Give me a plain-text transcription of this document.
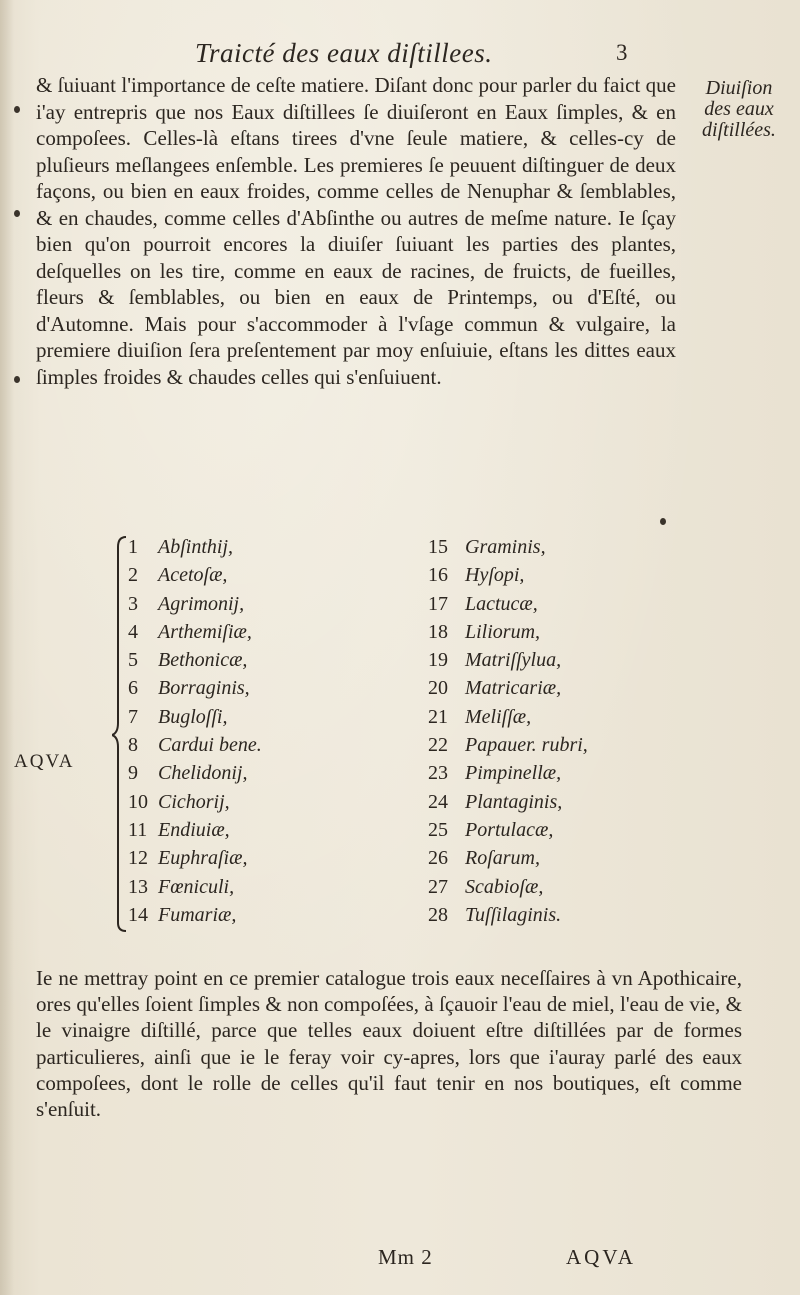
Traicté des eaux diſtillees.	3

& ſuiuant l'importance de ceſte matiere. Diſant donc pour parler du faict que i'ay entrepris que nos Eaux diſtillees ſe diuiſeront en Eaux ſimples, & en compoſees. Celles-là eſtans tirees d'vne ſeule matiere, & celles-cy de pluſieurs meſlangees enſemble. Les premieres ſe peuuent diſtinguer de deux façons, ou bien en eaux froides, comme celles de Nenuphar & ſemblables, & en chaudes, comme celles d'Abſinthe ou autres de meſme nature. Ie ſçay bien qu'on pourroit encores la diuiſer ſuiuant les parties des plantes, deſquelles on les tire, comme en eaux de racines, de fruicts, de fueilles, fleurs & ſemblables, ou bien en eaux de Printemps, ou d'Eſté, ou d'Automne. Mais pour s'accommoder à l'vſage commun & vulgaire, la premiere diuiſion ſera preſentement par moy enſuiuie, eſtans les dittes eaux ſimples froides & chaudes celles qui s'enſuiuent.

Diuiſion
des eaux
diſtillées.
AQVA
1 Abſinthij,
2 Acetoſæ,
3 Agrimonij,
4 Arthemiſiæ,
5 Bethonicæ,
6 Borraginis,
7 Bugloſſi,
8 Cardui bene.
9 Chelidonij,
10 Cichorij,
11 Endiuiæ,
12 Euphraſiæ,
13 Fœniculi,
14 Fumariæ,
15 Graminis,
16 Hyſopi,
17 Lactucæ,
18 Liliorum,
19 Matriſſylua,
20 Matricariæ,
21 Meliſſæ,
22 Papauer. rubri,
23 Pimpinellæ,
24 Plantaginis,
25 Portulacæ,
26 Roſarum,
27 Scabioſæ,
28 Tuſſilaginis.

Ie ne mettray point en ce premier catalogue trois eaux neceſſaires à vn Apothicaire, ores qu'elles ſoient ſimples & non compoſées, à ſçauoir l'eau de miel, l'eau de vie, & le vinaigre diſtillé, parce que telles eaux doiuent eſtre diſtillées par de formes particulieres, ainſi que ie le feray voir cy-apres, lors que i'auray parlé des eaux compoſees, dont le rolle de celles qu'il faut tenir en nos boutiques, eſt comme s'enſuit.

Mm 2	AQVA
